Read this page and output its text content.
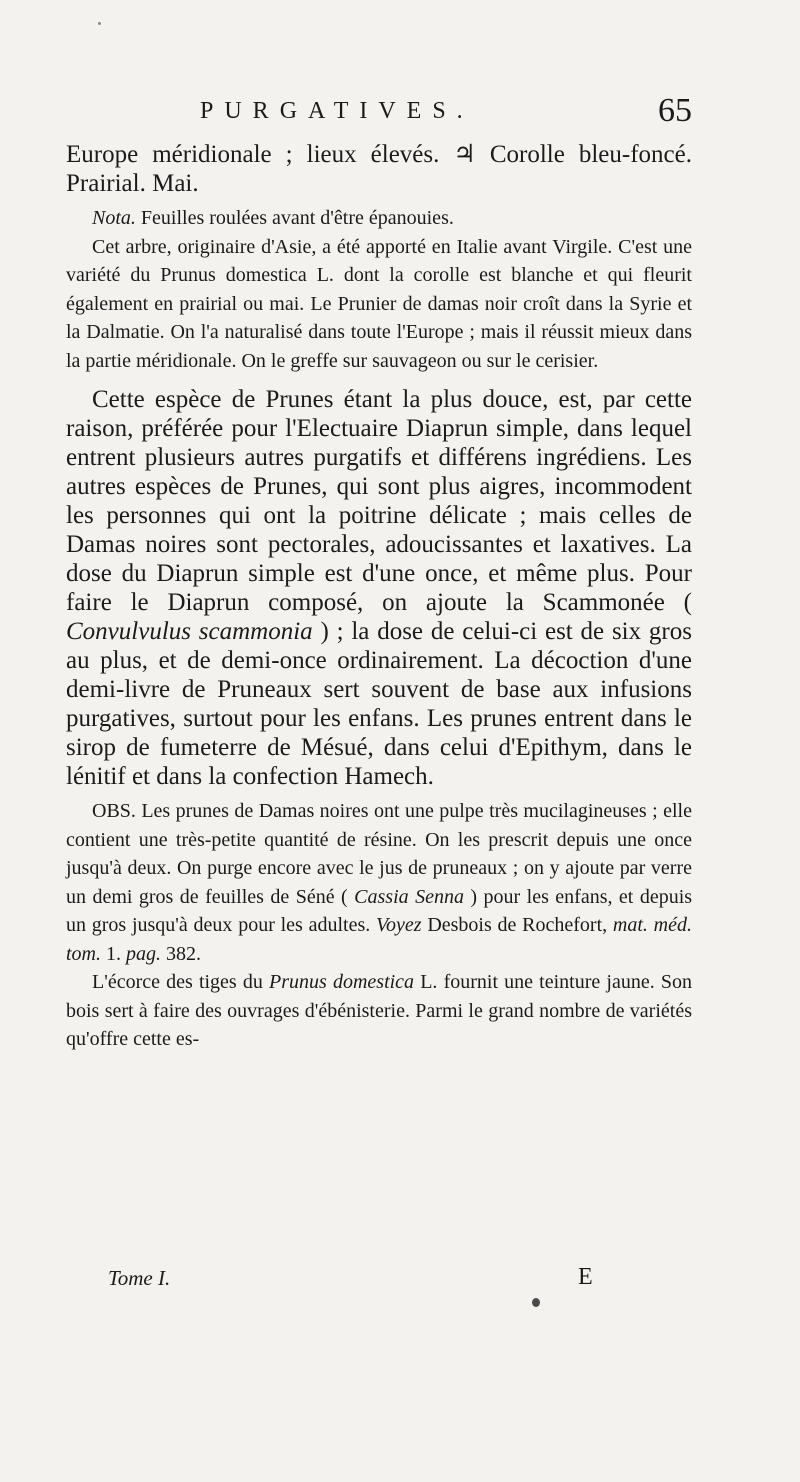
PURGATIVES.	65

Europe méridionale ; lieux élevés. ♃ Corolle bleu-foncé. Prairial. Mai.

Nota. Feuilles roulées avant d'être épanouies.

Cet arbre, originaire d'Asie, a été apporté en Italie avant Virgile. C'est une variété du Prunus domestica L. dont la corolle est blanche et qui fleurit également en prairial ou mai. Le Prunier de damas noir croît dans la Syrie et la Dalmatie. On l'a naturalisé dans toute l'Europe ; mais il réussit mieux dans la partie méridionale. On le greffe sur sauvageon ou sur le cerisier.

Cette espèce de Prunes étant la plus douce, est, par cette raison, préférée pour l'Electuaire Diaprun simple, dans lequel entrent plusieurs autres purgatifs et différens ingrédiens. Les autres espèces de Prunes, qui sont plus aigres, incommodent les personnes qui ont la poitrine délicate ; mais celles de Damas noires sont pectorales, adoucissantes et laxatives. La dose du Diaprun simple est d'une once, et même plus. Pour faire le Diaprun composé, on ajoute la Scammonée ( Convulvulus scammonia ) ; la dose de celui-ci est de six gros au plus, et de demi-once ordinairement. La décoction d'une demi-livre de Pruneaux sert souvent de base aux infusions purgatives, surtout pour les enfans. Les prunes entrent dans le sirop de fumeterre de Mésué, dans celui d'Epithym, dans le lénitif et dans la confection Hamech.

OBS. Les prunes de Damas noires ont une pulpe très mucilagineuses ; elle contient une très-petite quantité de résine. On les prescrit depuis une once jusqu'à deux. On purge encore avec le jus de pruneaux ; on y ajoute par verre un demi gros de feuilles de Séné ( Cassia Senna ) pour les enfans, et depuis un gros jusqu'à deux pour les adultes. Voyez Desbois de Rochefort, mat. méd. tom. 1. pag. 382.

L'écorce des tiges du Prunus domestica L. fournit une teinture jaune. Son bois sert à faire des ouvrages d'ébénisterie. Parmi le grand nombre de variétés qu'offre cette es-

Tome I.	E
